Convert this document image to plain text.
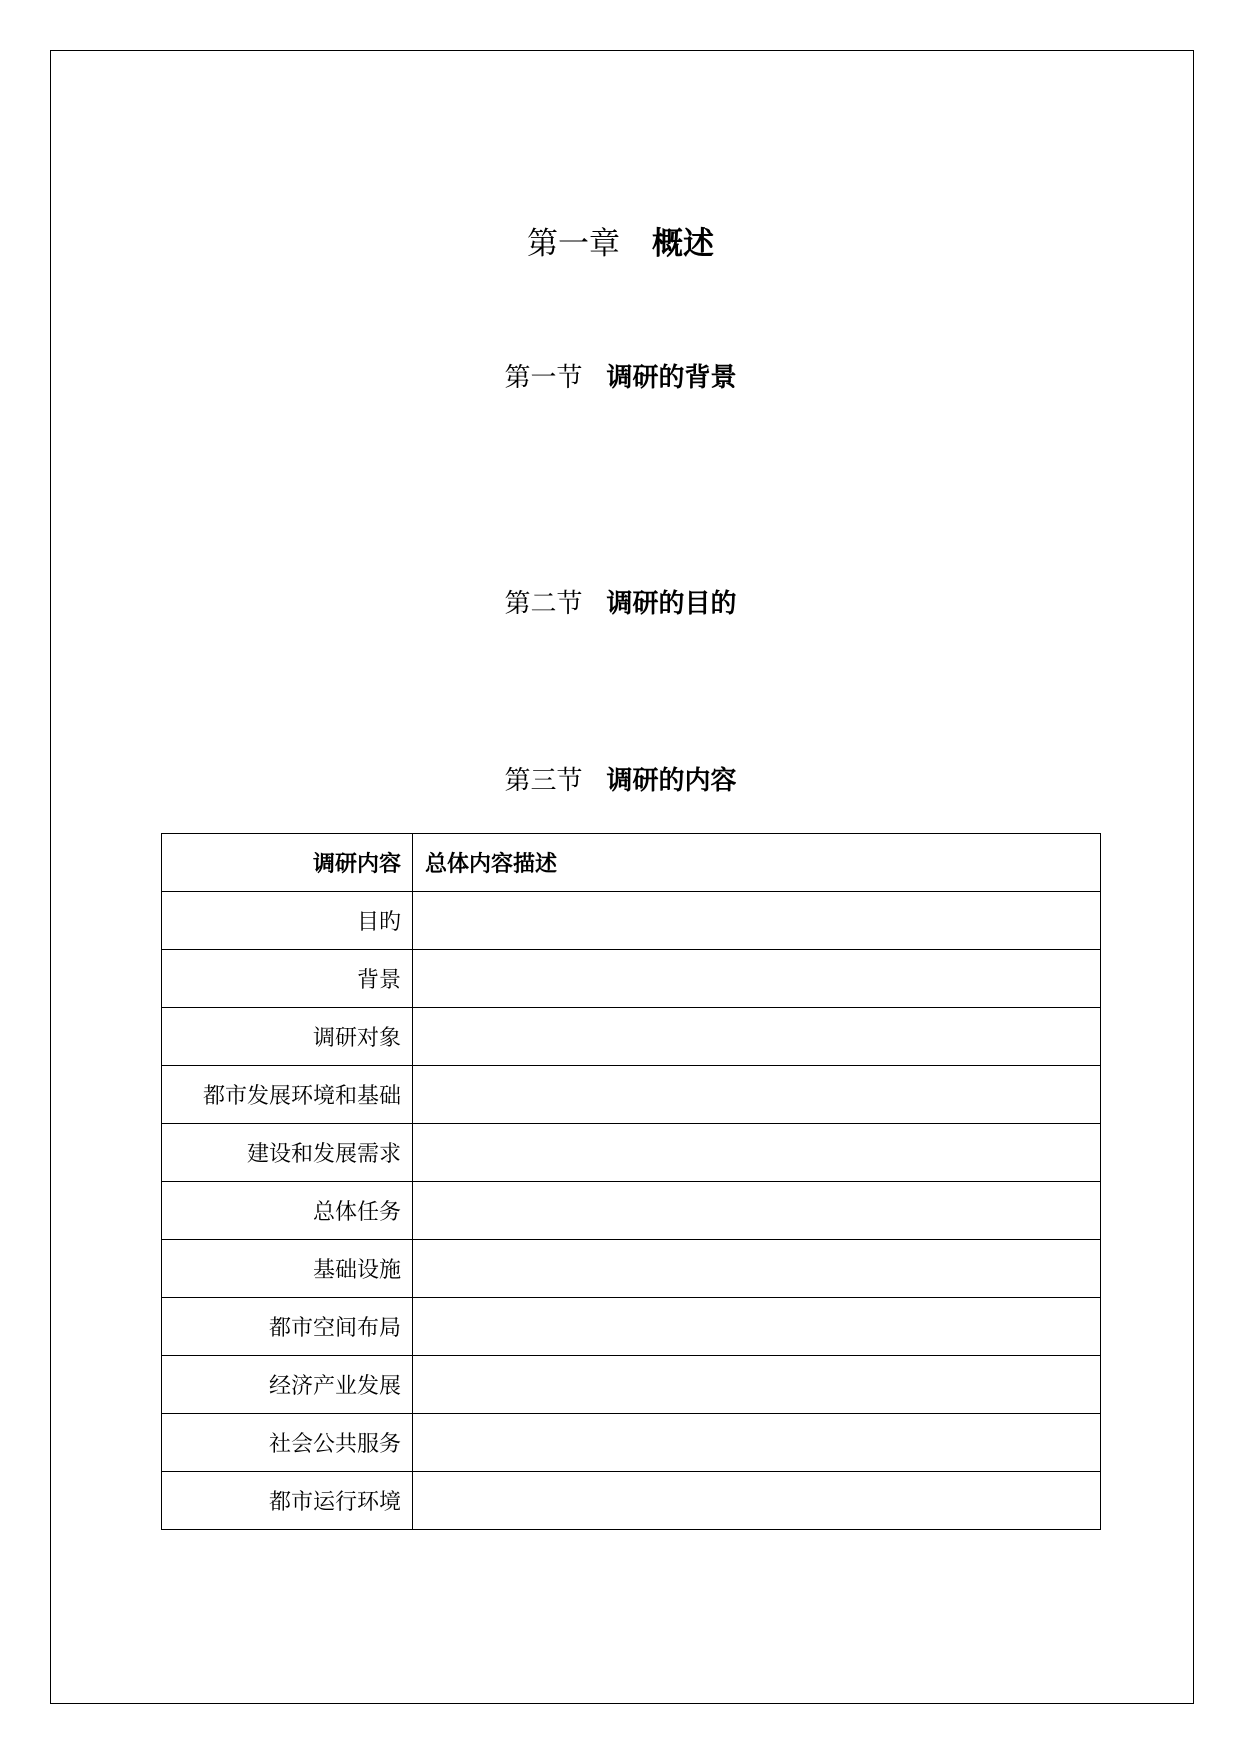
第一章 概述
第一节 调研的背景
第二节 调研的目的
第三节 调研的内容
调研内容	总体内容描述
目旳	
背景	
调研对象	
都市发展环境和基础	
建设和发展需求	
总体任务	
基础设施	
都市空间布局	
经济产业发展	
社会公共服务	
都市运行环境	
